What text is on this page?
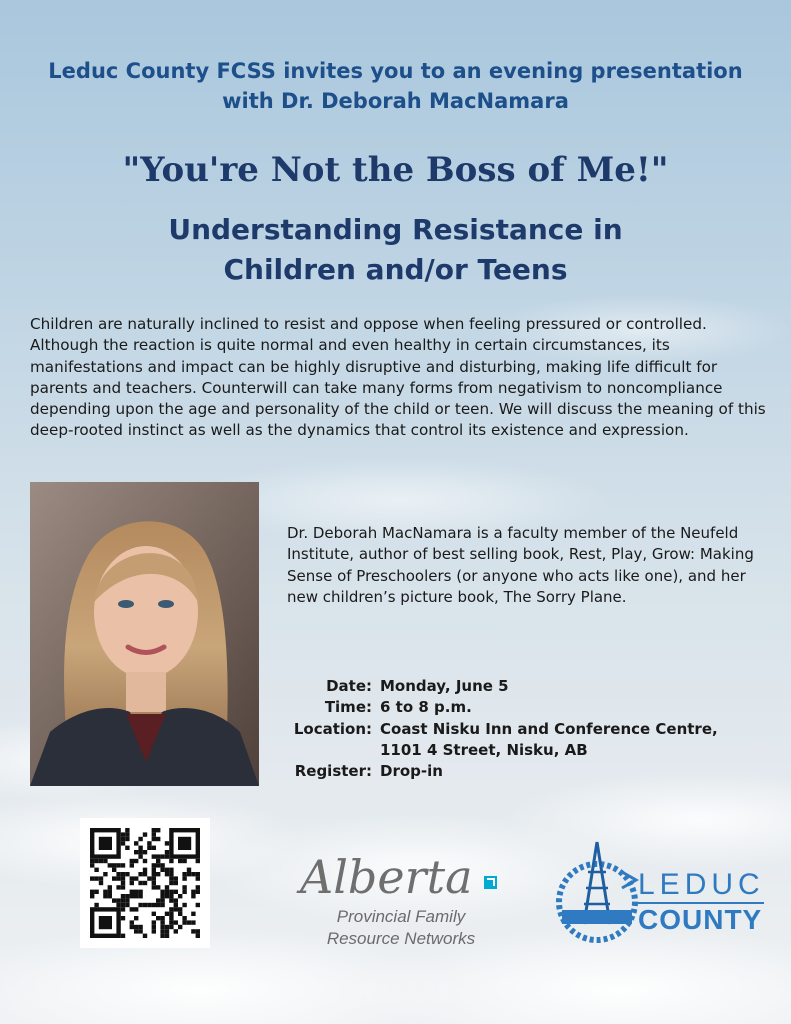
Leduc County FCSS invites you to an evening presentation
with Dr. Deborah MacNamara
"You're Not the Boss of Me!"
Understanding Resistance in
Children and/or Teens
Children are naturally inclined to resist and oppose when feeling pressured or controlled. Although the reaction is quite normal and even healthy in certain circumstances, its manifestations and impact can be highly disruptive and disturbing, making life difficult for parents and teachers. Counterwill can take many forms from negativism to noncompliance depending upon the age and personality of the child or teen. We will discuss the meaning of this deep-rooted instinct as well as the dynamics that control its existence and expression.
Dr. Deborah MacNamara is a faculty member of the Neufeld Institute, author of best selling book, Rest, Play, Grow: Making Sense of Preschoolers (or anyone who acts like one), and her new children’s picture book, The Sorry Plane.
Date: Monday, June 5
Time: 6 to 8 p.m.
Location: Coast Nisku Inn and Conference Centre,
1101 4 Street, Nisku, AB
Register: Drop-in
Alberta
Provincial Family
Resource Networks
LEDUC
COUNTY
